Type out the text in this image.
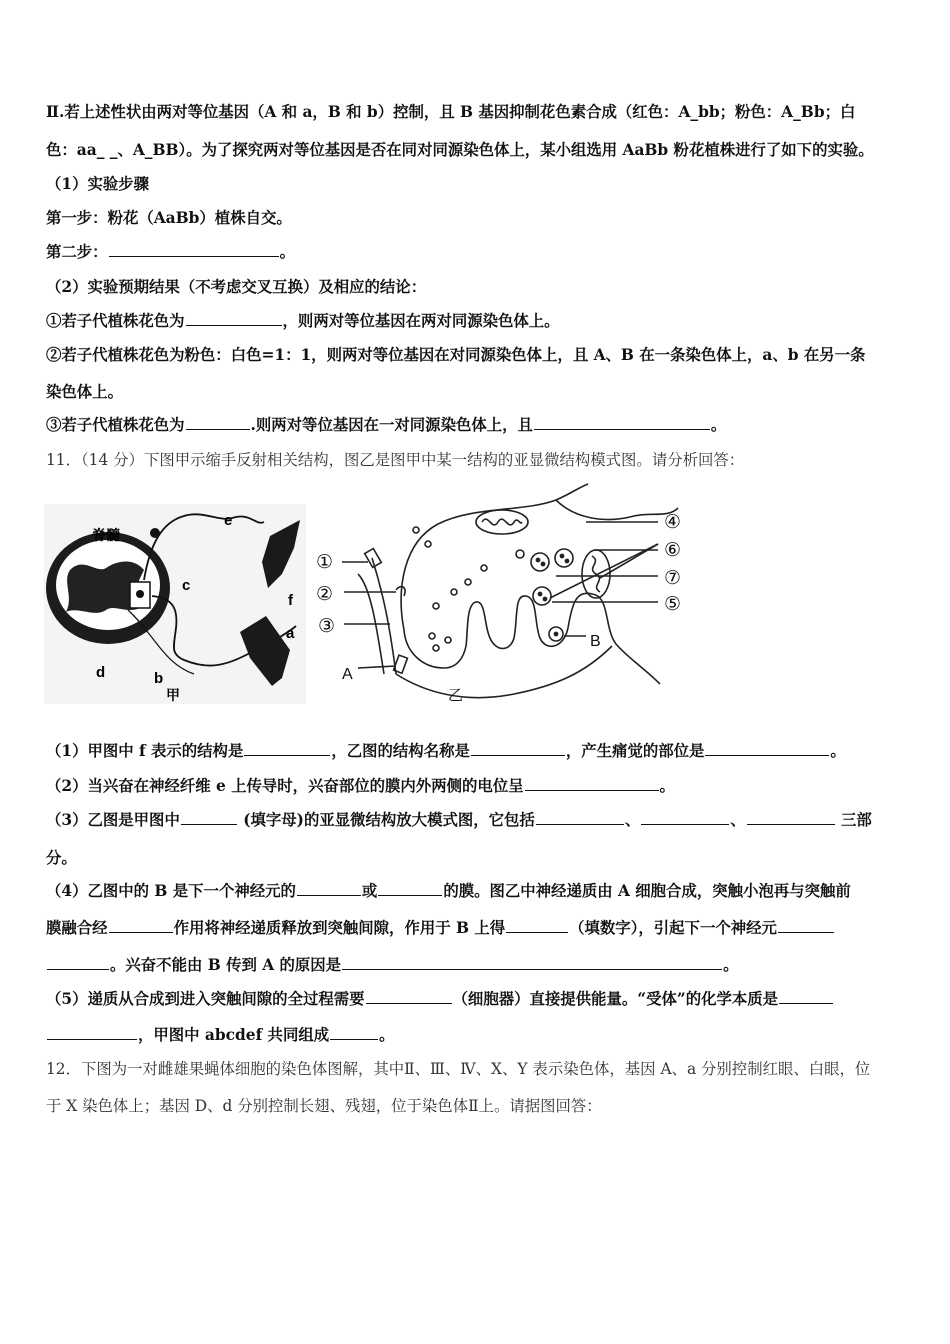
Ⅱ.若上述性状由两对等位基因（A 和 a，B 和 b）控制，且 B 基因抑制花色素合成（红色：A_bb；粉色：A_Bb；白
色：aa_ _、A_BB）。为了探究两对等位基因是否在同对同源染色体上，某小组选用 AaBb 粉花植株进行了如下的实验。
（1）实验步骤
第一步：粉花（AaBb）植株自交。
第二步：	。
（2）实验预期结果（不考虑交叉互换）及相应的结论：
①若子代植株花色为	，则两对等位基因在两对同源染色体上。
②若子代植株花色为粉色：白色=1：1，则两对等位基因在对同源染色体上，且 A、B 在一条染色体上，a、b 在另一条
染色体上。
③若子代植株花色为	.则两对等位基因在一对同源染色体上，且	。
11．（14 分）下图甲示缩手反射相关结构，图乙是图甲中某一结构的亚显微结构模式图。请分析回答：
脊髓
a
b
c
d
e
f
甲
①
②
③
A
④
⑥
⑦
⑤
B
乙
（1）甲图中 f 表示的结构是	，乙图的结构名称是	，产生痛觉的部位是	。
（2）当兴奋在神经纤维 e 上传导时，兴奋部位的膜内外两侧的电位呈	。
（3）乙图是甲图中	(填字母)的亚显微结构放大模式图，它包括	、	、	三部
分。
（4）乙图中的 B 是下一个神经元的	或	的膜。图乙中神经递质由 A 细胞合成，突触小泡再与突触前
膜融合经	作用将神经递质释放到突触间隙，作用于 B 上得	（填数字），引起下一个神经元
。兴奋不能由 B 传到 A 的原因是	。
（5）递质从合成到进入突触间隙的全过程需要	（细胞器）直接提供能量。“受体”的化学本质是
，甲图中 abcdef 共同组成	。
12．下图为一对雌雄果蝇体细胞的染色体图解，其中Ⅱ、Ⅲ、Ⅳ、X、Y 表示染色体，基因 A、a 分别控制红眼、白眼，位
于 X 染色体上；基因 D、d 分别控制长翅、残翅，位于染色体Ⅱ上。请据图回答：
